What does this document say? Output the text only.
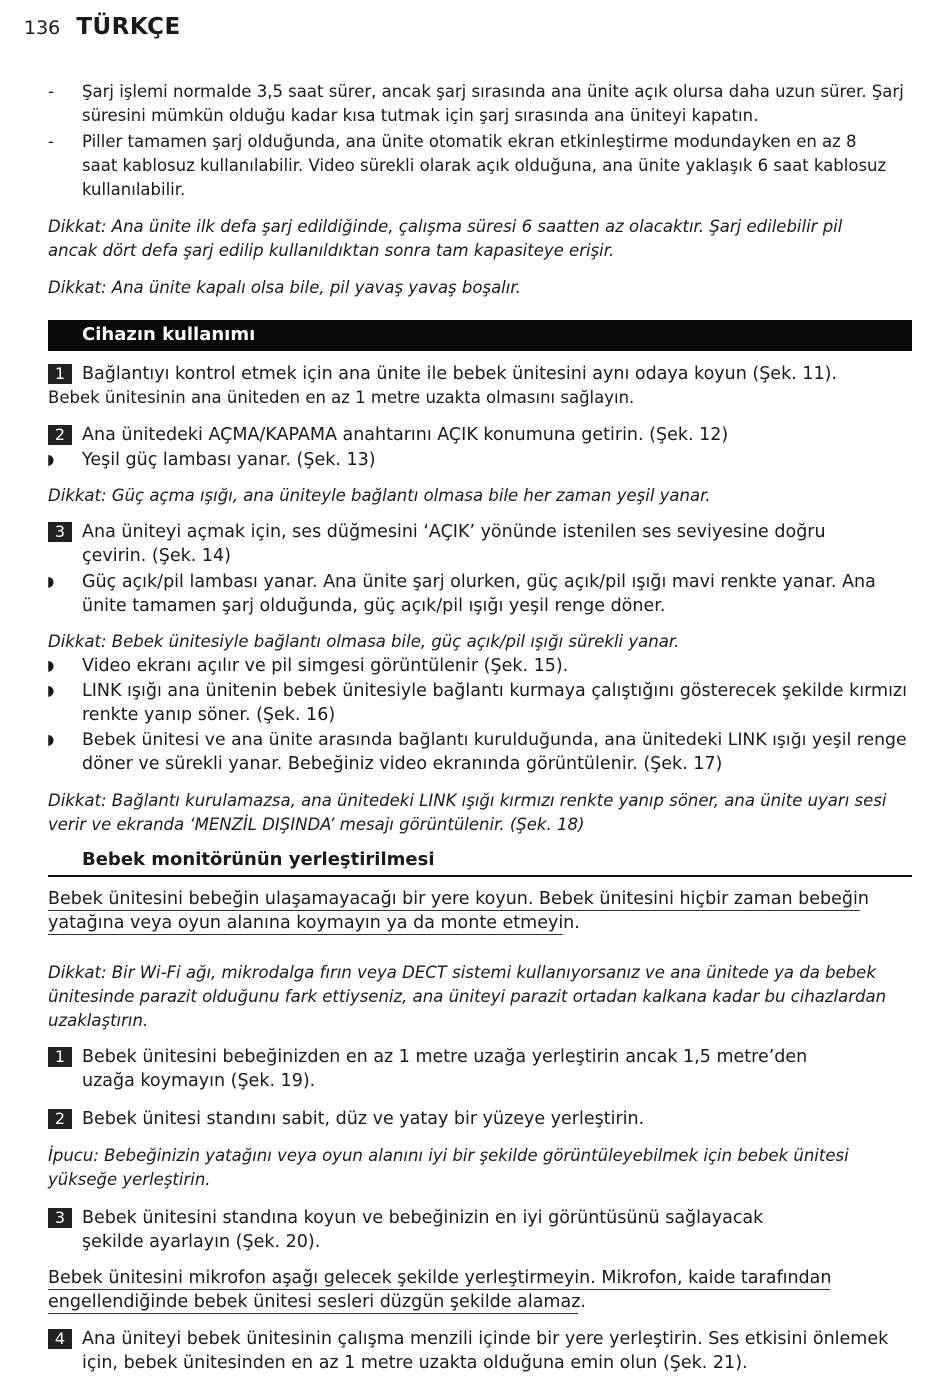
136 TÜRKÇE
- Şarj işlemi normalde 3,5 saat sürer, ancak şarj sırasında ana ünite açık olursa daha uzun sürer. Şarj
süresini mümkün olduğu kadar kısa tutmak için şarj sırasında ana üniteyi kapatın.
- Piller tamamen şarj olduğunda, ana ünite otomatik ekran etkinleştirme modundayken en az 8
saat kablosuz kullanılabilir. Video sürekli olarak açık olduğuna, ana ünite yaklaşık 6 saat kablosuz
kullanılabilir.
Dikkat: Ana ünite ilk defa şarj edildiğinde, çalışma süresi 6 saatten az olacaktır. Şarj edilebilir pil
ancak dört defa şarj edilip kullanıldıktan sonra tam kapasiteye erişir.
Dikkat: Ana ünite kapalı olsa bile, pil yavaş yavaş boşalır.
Cihazın kullanımı
1 Bağlantıyı kontrol etmek için ana ünite ile bebek ünitesini aynı odaya koyun (Şek. 11).
Bebek ünitesinin ana üniteden en az 1 metre uzakta olmasını sağlayın.
2 Ana ünitedeki AÇMA/KAPAMA anahtarını AÇIK konumuna getirin. (Şek. 12)
◗ Yeşil güç lambası yanar. (Şek. 13)
Dikkat: Güç açma ışığı, ana üniteyle bağlantı olmasa bile her zaman yeşil yanar.
3 Ana üniteyi açmak için, ses düğmesini ‘AÇIK’ yönünde istenilen ses seviyesine doğru
çevirin. (Şek. 14)
◗ Güç açık/pil lambası yanar. Ana ünite şarj olurken, güç açık/pil ışığı mavi renkte yanar. Ana
ünite tamamen şarj olduğunda, güç açık/pil ışığı yeşil renge döner.
Dikkat: Bebek ünitesiyle bağlantı olmasa bile, güç açık/pil ışığı sürekli yanar.
◗ Video ekranı açılır ve pil simgesi görüntülenir (Şek. 15).
◗ LINK ışığı ana ünitenin bebek ünitesiyle bağlantı kurmaya çalıştığını gösterecek şekilde kırmızı
renkte yanıp söner. (Şek. 16)
◗ Bebek ünitesi ve ana ünite arasında bağlantı kurulduğunda, ana ünitedeki LINK ışığı yeşil renge
döner ve sürekli yanar. Bebeğiniz video ekranında görüntülenir. (Şek. 17)
Dikkat: Bağlantı kurulamazsa, ana ünitedeki LINK ışığı kırmızı renkte yanıp söner, ana ünite uyarı sesi
verir ve ekranda ‘MENZİL DIŞINDA’ mesajı görüntülenir. (Şek. 18)
Bebek monitörünün yerleştirilmesi
Bebek ünitesini bebeğin ulaşamayacağı bir yere koyun. Bebek ünitesini hiçbir zaman bebeğin
yatağına veya oyun alanına koymayın ya da monte etmeyin.
Dikkat: Bir Wi-Fi ağı, mikrodalga fırın veya DECT sistemi kullanıyorsanız ve ana ünitede ya da bebek
ünitesinde parazit olduğunu fark ettiyseniz, ana üniteyi parazit ortadan kalkana kadar bu cihazlardan
uzaklaştırın.
1 Bebek ünitesini bebeğinizden en az 1 metre uzağa yerleştirin ancak 1,5 metre’den
uzağa koymayın (Şek. 19).
2 Bebek ünitesi standını sabit, düz ve yatay bir yüzeye yerleştirin.
İpucu: Bebeğinizin yatağını veya oyun alanını iyi bir şekilde görüntüleyebilmek için bebek ünitesi
yükseğe yerleştirin.
3 Bebek ünitesini standına koyun ve bebeğinizin en iyi görüntüsünü sağlayacak
şekilde ayarlayın (Şek. 20).
Bebek ünitesini mikrofon aşağı gelecek şekilde yerleştirmeyin. Mikrofon, kaide tarafından
engellendiğinde bebek ünitesi sesleri düzgün şekilde alamaz.
4 Ana üniteyi bebek ünitesinin çalışma menzili içinde bir yere yerleştirin. Ses etkisini önlemek
için, bebek ünitesinden en az 1 metre uzakta olduğuna emin olun (Şek. 21).
